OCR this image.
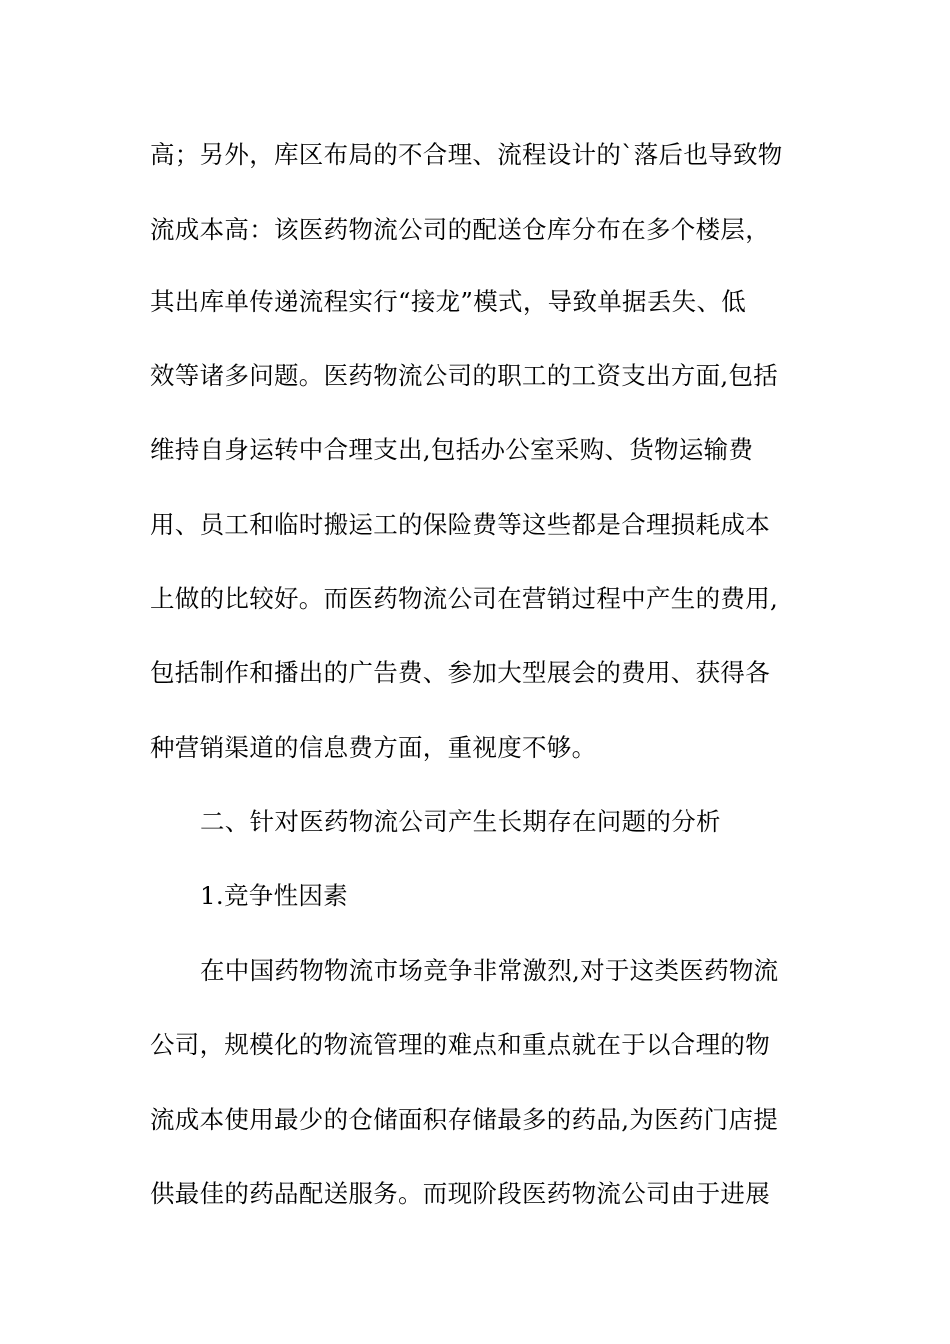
高；另外，库区布局的不合理、流程设计的`落后也导致物
流成本高：该医药物流公司的配送仓库分布在多个楼层，
其出库单传递流程实行“接龙”模式，导致单据丢失、低
效等诸多问题。医药物流公司的职工的工资支出方面,包括
维持自身运转中合理支出,包括办公室采购、货物运输费
用、员工和临时搬运工的保险费等这些都是合理损耗成本
上做的比较好。而医药物流公司在营销过程中产生的费用,
包括制作和播出的广告费、参加大型展会的费用、获得各
种营销渠道的信息费方面，重视度不够。
二、针对医药物流公司产生长期存在问题的分析
1.竞争性因素
在中国药物物流市场竞争非常激烈,对于这类医药物流
公司，规模化的物流管理的难点和重点就在于以合理的物
流成本使用最少的仓储面积存储最多的药品,为医药门店提
供最佳的药品配送服务。而现阶段医药物流公司由于进展
